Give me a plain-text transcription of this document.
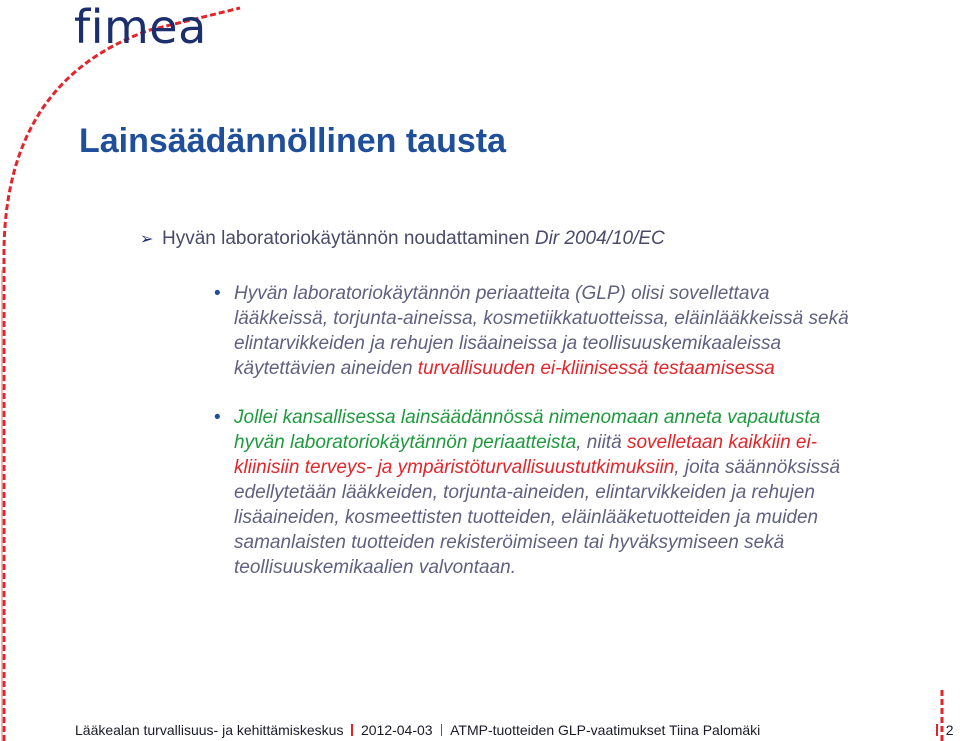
fimea
Lainsäädännöllinen tausta
➢ Hyvän laboratoriokäytännön noudattaminen Dir 2004/10/EC
• Hyvän laboratoriokäytännön periaatteita (GLP) olisi sovellettava
lääkkeissä, torjunta-aineissa, kosmetiikkatuotteissa, eläinlääkkeissä sekä
elintarvikkeiden ja rehujen lisäaineissa ja teollisuuskemikaaleissa
käytettävien aineiden turvallisuuden ei-kliinisessä testaamisessa
• Jollei kansallisessa lainsäädännössä nimenomaan anneta vapautusta
hyvän laboratoriokäytännön periaatteista, niitä sovelletaan kaikkiin ei-
kliinisiin terveys- ja ympäristöturvallisuustutkimuksiin, joita säännöksissä
edellytetään lääkkeiden, torjunta-aineiden, elintarvikkeiden ja rehujen
lisäaineiden, kosmeettisten tuotteiden, eläinlääketuotteiden ja muiden
samanlaisten tuotteiden rekisteröimiseen tai hyväksymiseen sekä
teollisuuskemikaalien valvontaan.
Lääkealan turvallisuus- ja kehittämiskeskus 2012-04-03 ATMP-tuotteiden GLP-vaatimukset Tiina Palomäki	2
